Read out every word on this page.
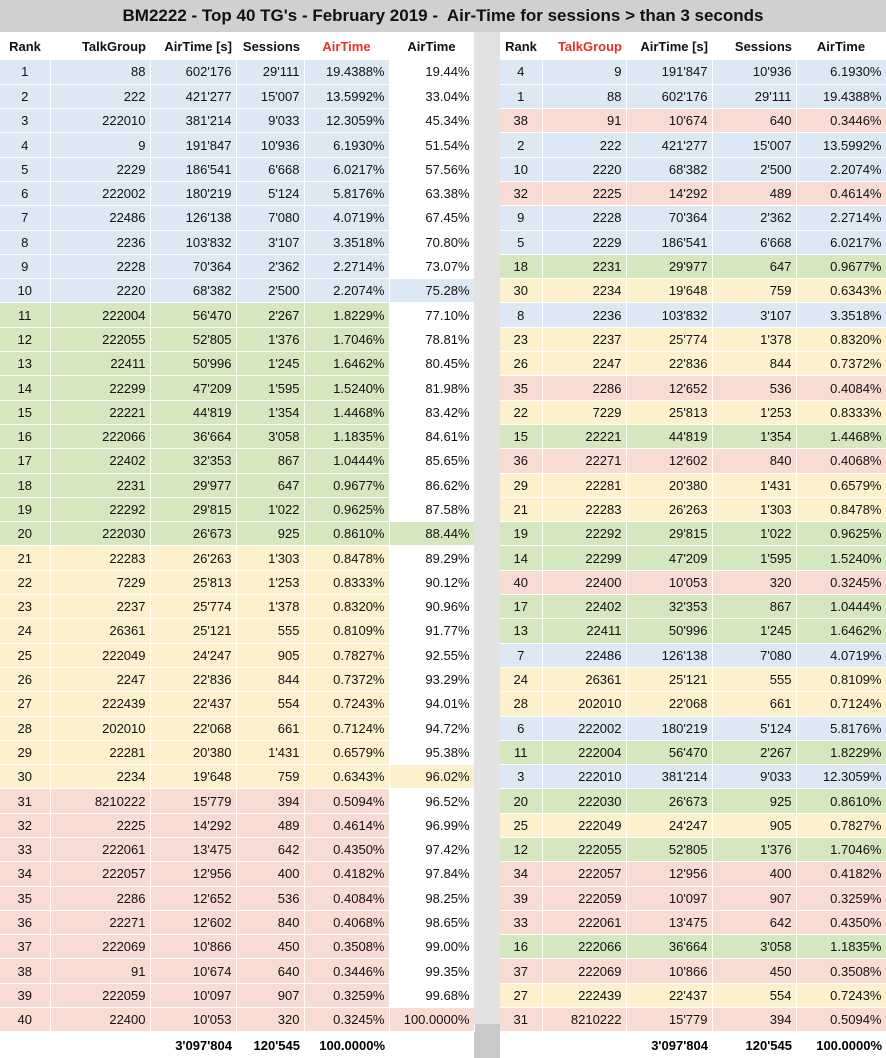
BM2222 - Top 40 TG's - February 2019 -  Air-Time for sessions > than 3 seconds
Rank	TalkGroup	AirTime [s]	Sessions	AirTime	AirTime
1	88	602'176	29'111	19.4388%	19.44%
2	222	421'277	15'007	13.5992%	33.04%
3	222010	381'214	9'033	12.3059%	45.34%
4	9	191'847	10'936	6.1930%	51.54%
5	2229	186'541	6'668	6.0217%	57.56%
6	222002	180'219	5'124	5.8176%	63.38%
7	22486	126'138	7'080	4.0719%	67.45%
8	2236	103'832	3'107	3.3518%	70.80%
9	2228	70'364	2'362	2.2714%	73.07%
10	2220	68'382	2'500	2.2074%	75.28%
11	222004	56'470	2'267	1.8229%	77.10%
12	222055	52'805	1'376	1.7046%	78.81%
13	22411	50'996	1'245	1.6462%	80.45%
14	22299	47'209	1'595	1.5240%	81.98%
15	22221	44'819	1'354	1.4468%	83.42%
16	222066	36'664	3'058	1.1835%	84.61%
17	22402	32'353	867	1.0444%	85.65%
18	2231	29'977	647	0.9677%	86.62%
19	22292	29'815	1'022	0.9625%	87.58%
20	222030	26'673	925	0.8610%	88.44%
21	22283	26'263	1'303	0.8478%	89.29%
22	7229	25'813	1'253	0.8333%	90.12%
23	2237	25'774	1'378	0.8320%	90.96%
24	26361	25'121	555	0.8109%	91.77%
25	222049	24'247	905	0.7827%	92.55%
26	2247	22'836	844	0.7372%	93.29%
27	222439	22'437	554	0.7243%	94.01%
28	202010	22'068	661	0.7124%	94.72%
29	22281	20'380	1'431	0.6579%	95.38%
30	2234	19'648	759	0.6343%	96.02%
31	8210222	15'779	394	0.5094%	96.52%
32	2225	14'292	489	0.4614%	96.99%
33	222061	13'475	642	0.4350%	97.42%
34	222057	12'956	400	0.4182%	97.84%
35	2286	12'652	536	0.4084%	98.25%
36	22271	12'602	840	0.4068%	98.65%
37	222069	10'866	450	0.3508%	99.00%
38	91	10'674	640	0.3446%	99.35%
39	222059	10'097	907	0.3259%	99.68%
40	22400	10'053	320	0.3245%	100.0000%
		3'097'804	120'545	100.0000%	
Rank	TalkGroup	AirTime [s]	Sessions	AirTime
4	9	191'847	10'936	6.1930%
1	88	602'176	29'111	19.4388%
38	91	10'674	640	0.3446%
2	222	421'277	15'007	13.5992%
10	2220	68'382	2'500	2.2074%
32	2225	14'292	489	0.4614%
9	2228	70'364	2'362	2.2714%
5	2229	186'541	6'668	6.0217%
18	2231	29'977	647	0.9677%
30	2234	19'648	759	0.6343%
8	2236	103'832	3'107	3.3518%
23	2237	25'774	1'378	0.8320%
26	2247	22'836	844	0.7372%
35	2286	12'652	536	0.4084%
22	7229	25'813	1'253	0.8333%
15	22221	44'819	1'354	1.4468%
36	22271	12'602	840	0.4068%
29	22281	20'380	1'431	0.6579%
21	22283	26'263	1'303	0.8478%
19	22292	29'815	1'022	0.9625%
14	22299	47'209	1'595	1.5240%
40	22400	10'053	320	0.3245%
17	22402	32'353	867	1.0444%
13	22411	50'996	1'245	1.6462%
7	22486	126'138	7'080	4.0719%
24	26361	25'121	555	0.8109%
28	202010	22'068	661	0.7124%
6	222002	180'219	5'124	5.8176%
11	222004	56'470	2'267	1.8229%
3	222010	381'214	9'033	12.3059%
20	222030	26'673	925	0.8610%
25	222049	24'247	905	0.7827%
12	222055	52'805	1'376	1.7046%
34	222057	12'956	400	0.4182%
39	222059	10'097	907	0.3259%
33	222061	13'475	642	0.4350%
16	222066	36'664	3'058	1.1835%
37	222069	10'866	450	0.3508%
27	222439	22'437	554	0.7243%
31	8210222	15'779	394	0.5094%
		3'097'804	120'545	100.0000%
